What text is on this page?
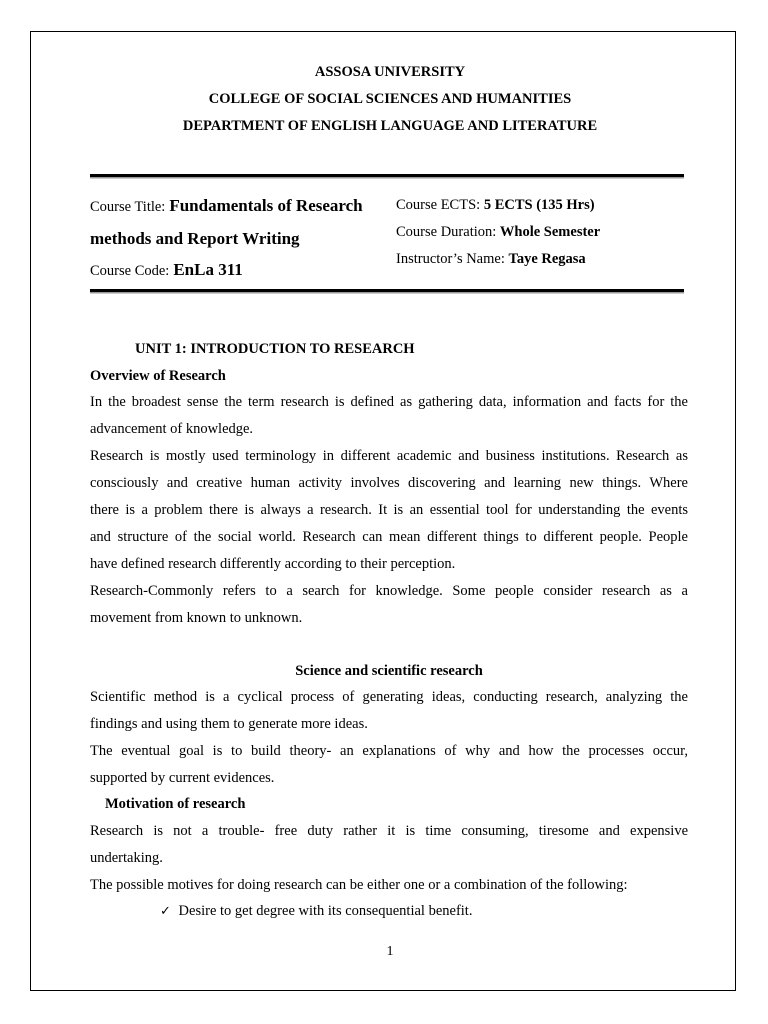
ASSOSA UNIVERSITY
COLLEGE OF SOCIAL SCIENCES AND HUMANITIES
DEPARTMENT OF ENGLISH LANGUAGE AND LITERATURE
Course Title: Fundamentals of Research
methods and Report Writing
Course Code: EnLa 311
Course ECTS: 5 ECTS (135 Hrs)
Course Duration: Whole Semester
Instructor’s Name: Taye Regasa
UNIT 1: INTRODUCTION TO RESEARCH
Overview of Research
In the broadest sense the term research is defined as gathering data, information and facts for the
advancement of knowledge.
Research is mostly used terminology in different academic and business institutions. Research as
consciously and creative human activity involves discovering and learning new things. Where
there is a problem there is always a research. It is an essential tool for understanding the events
and structure of the social world. Research can mean different things to different people. People
have defined research differently according to their perception.
Research-Commonly refers to a search for knowledge. Some people consider research as a
movement from known to unknown.
Science and scientific research
Scientific method is a cyclical process of generating ideas, conducting research, analyzing the
findings and using them to generate more ideas.
The eventual goal is to build theory- an explanations of why and how the processes occur,
supported by current evidences.
Motivation of research
Research is not a trouble- free duty rather it is time consuming, tiresome and expensive
undertaking.
The possible motives for doing research can be either one or a combination of the following:
✓ Desire to get degree with its consequential benefit.
1
